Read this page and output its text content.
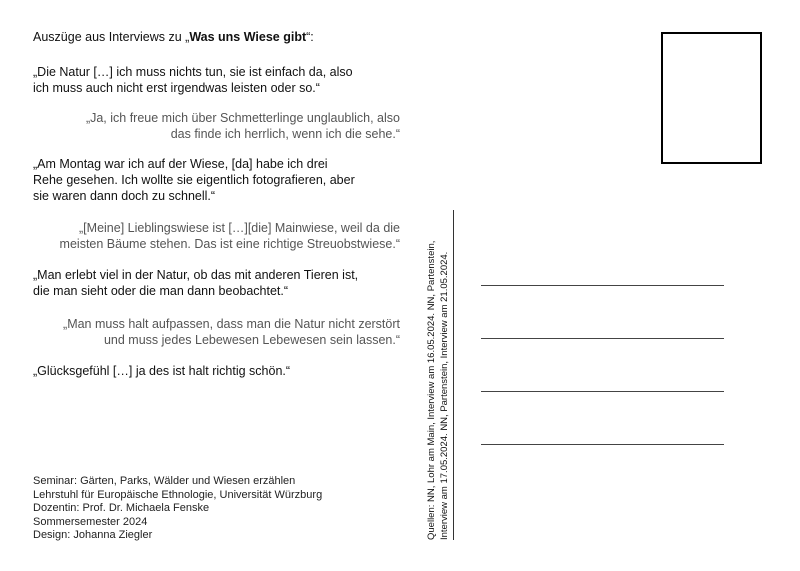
Auszüge aus Interviews zu „Was uns Wiese gibt“:
„Die Natur […] ich muss nichts tun, sie ist einfach da, also
ich muss auch nicht erst irgendwas leisten oder so.“
„Ja, ich freue mich über Schmetterlinge unglaublich, also
das finde ich herrlich, wenn ich die sehe.“
„Am Montag war ich auf der Wiese, [da] habe ich drei
Rehe gesehen. Ich wollte sie eigentlich fotografieren, aber
sie waren dann doch zu schnell.“
„[Meine] Lieblingswiese ist […][die] Mainwiese, weil da die
meisten Bäume stehen. Das ist eine richtige Streuobstwiese.“
„Man erlebt viel in der Natur, ob das mit anderen Tieren ist,
die man sieht oder die man dann beobachtet.“
„Man muss halt aufpassen, dass man die Natur nicht zerstört
und muss jedes Lebewesen Lebewesen sein lassen.“
„Glücksgefühl […] ja des ist halt richtig schön.“
Seminar: Gärten, Parks, Wälder und Wiesen erzählen
Lehrstuhl für Europäische Ethnologie, Universität Würzburg
Dozentin: Prof. Dr. Michaela Fenske
Sommersemester 2024
Design: Johanna Ziegler	Quellen: NN, Lohr am Main, Interview am 16.05.2024. NN, Partenstein, Interview am 17.05.2024. NN, Partenstein, Interview am 21.05.2024.
